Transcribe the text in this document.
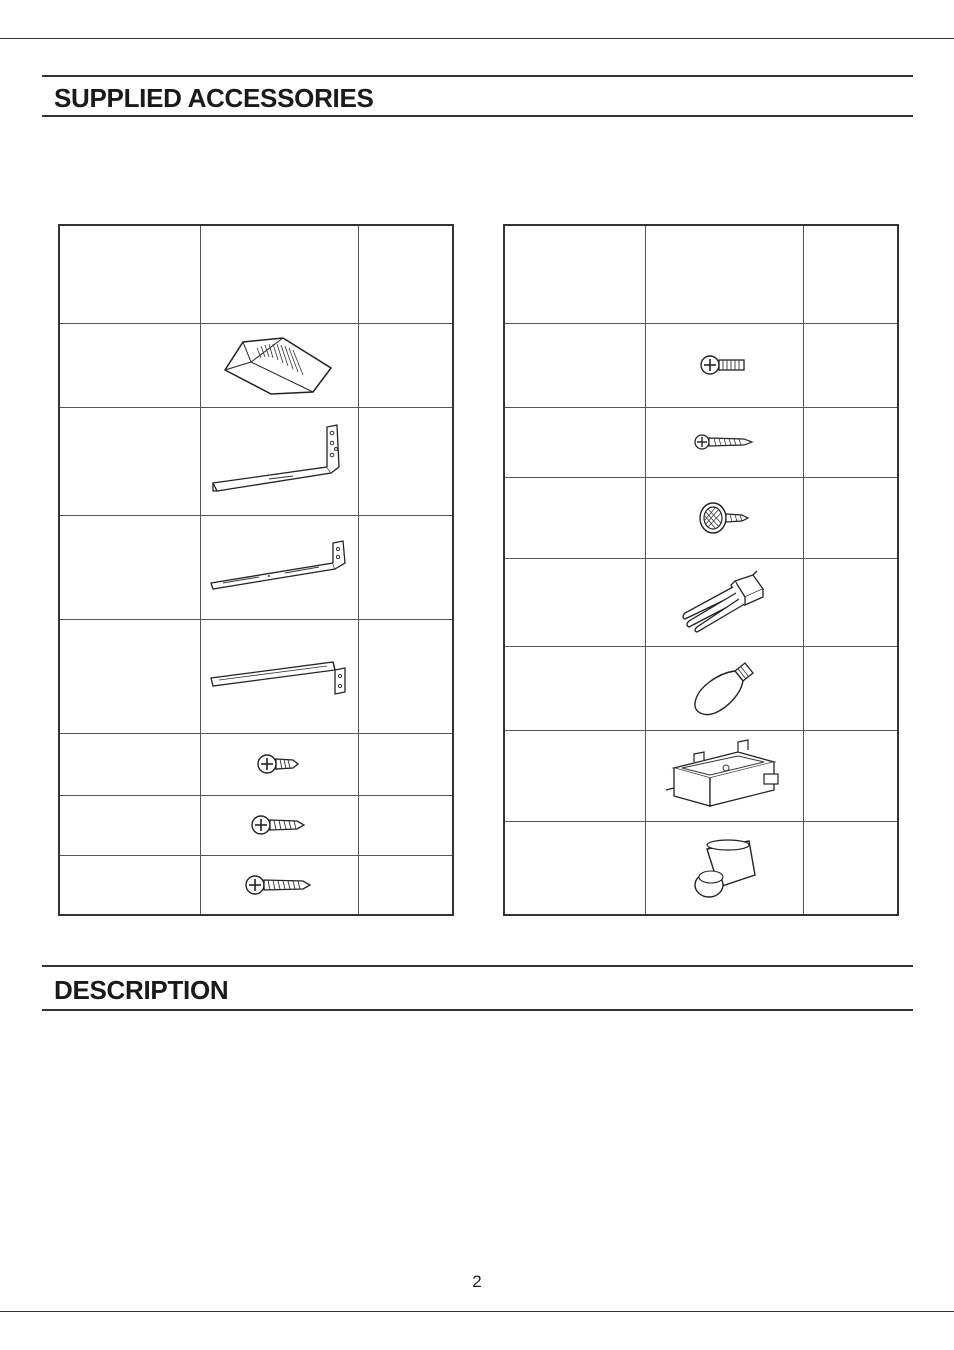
SUPPLIED ACCESSORIES

DESCRIPTION
2
